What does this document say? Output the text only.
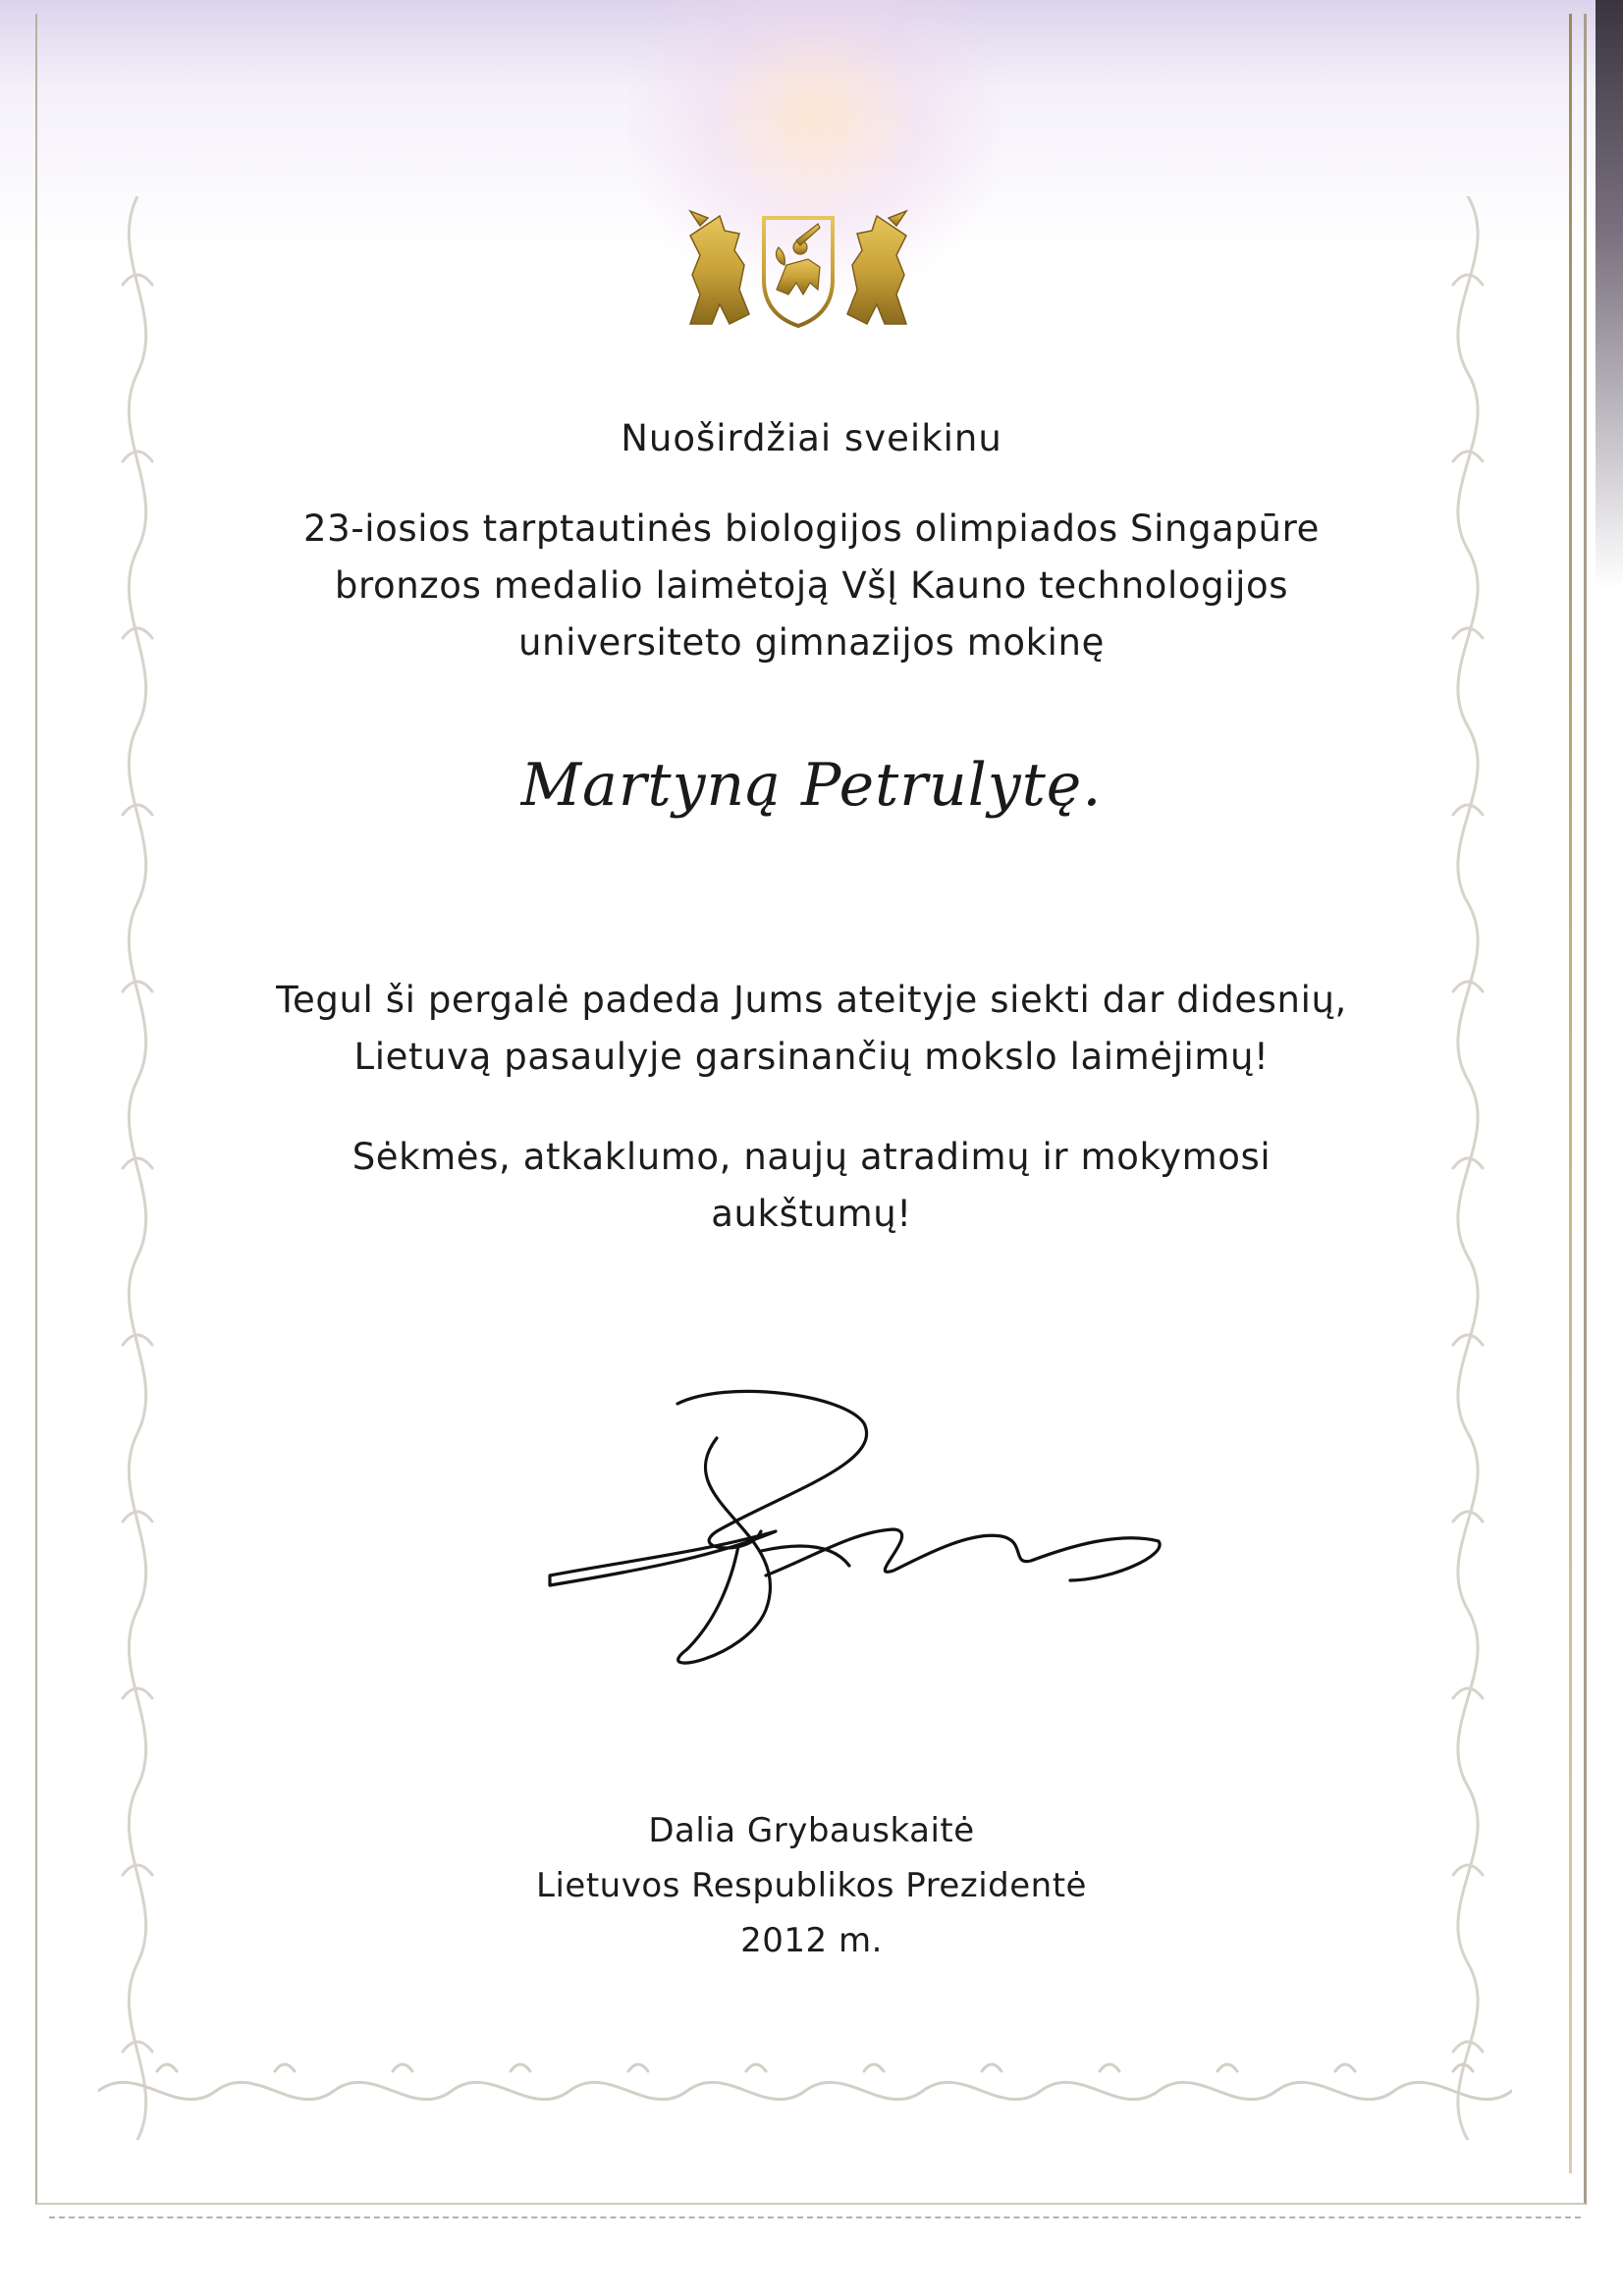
Nuoširdžiai sveikinu
23-iosios tarptautinės biologijos olimpiados Singapūre
bronzos medalio laimėtoją VšĮ Kauno technologijos
universiteto gimnazijos mokinę
Martyną Petrulytę.
Tegul ši pergalė padeda Jums ateityje siekti dar didesnių,
Lietuvą pasaulyje garsinančių mokslo laimėjimų!
Sėkmės, atkaklumo, naujų atradimų ir mokymosi
aukštumų!
Dalia Grybauskaitė
Lietuvos Respublikos Prezidentė
2012 m.
